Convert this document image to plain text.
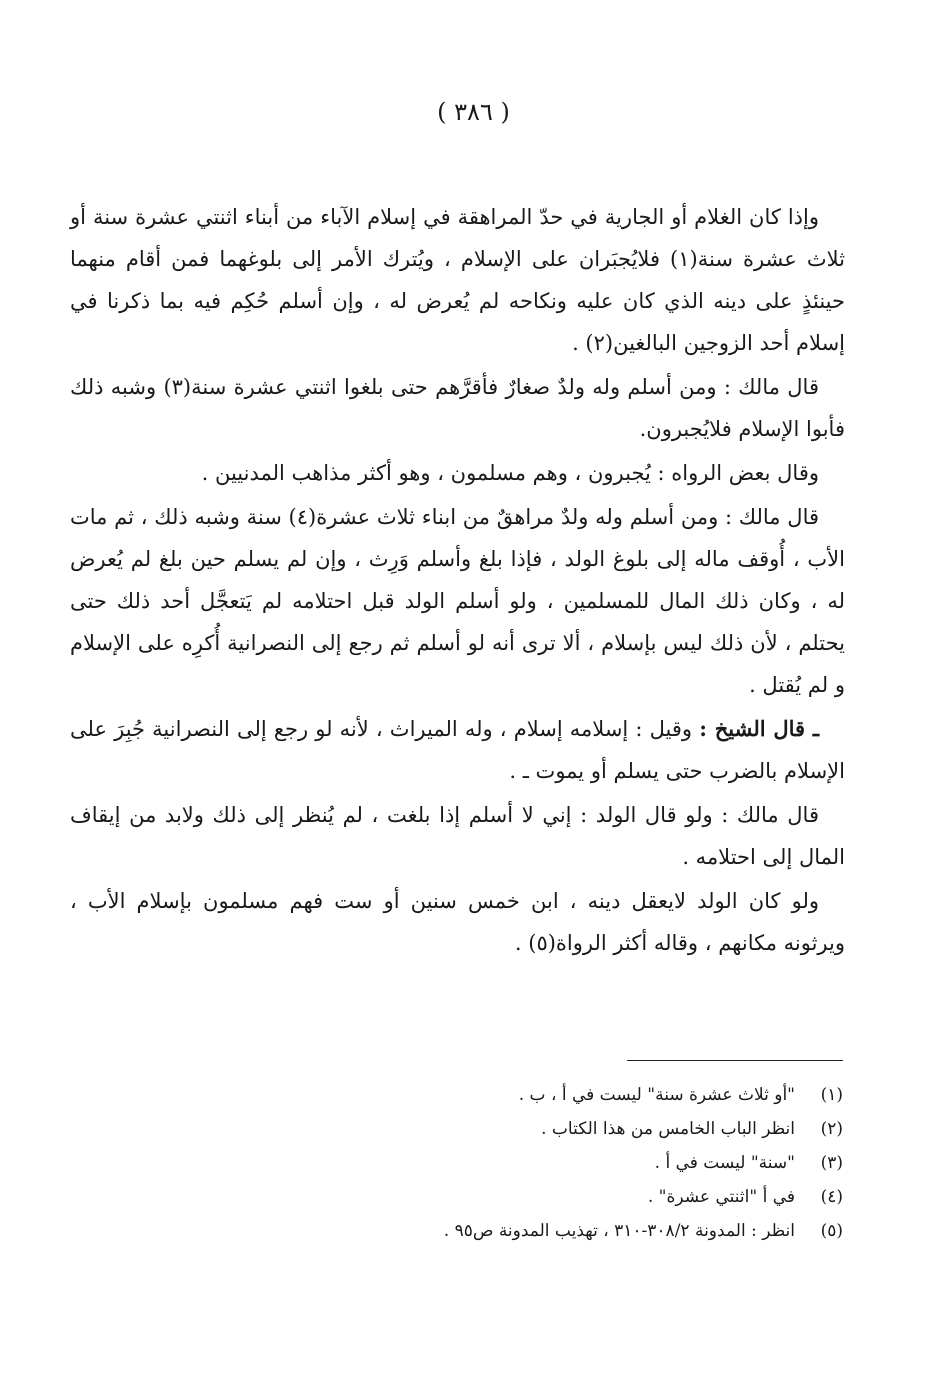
( ٣٨٦ )

وإذا كان الغلام أو الجارية في حدّ المراهقة في إسلام الآباء من أبناء اثنتي عشرة سنة أو ثلاث عشرة سنة(١) فلايُجبَران على الإسلام ، ويُترك الأمر إلى بلوغهما فمن أقام منهما حينئذٍ على دينه الذي كان عليه ونكاحه لم يُعرض له ، وإن أسلم حُكِم فيه بما ذكرنا في إسلام أحد الزوجين البالغين(٢) .

قال مالك : ومن أسلم وله ولدٌ صغارٌ فأقرَّهم حتى بلغوا اثنتي عشرة سنة(٣) وشبه ذلك فأبوا الإسلام فلايُجبرون.

وقال بعض الرواه : يُجبرون ، وهم مسلمون ، وهو أكثر مذاهب المدنيين .

قال مالك : ومن أسلم وله ولدٌ مراهقٌ من ابناء ثلاث عشرة(٤) سنة وشبه ذلك ، ثم مات الأب ، أُوقف ماله إلى بلوغ الولد ، فإذا بلغ وأسلم وَرِث ، وإن لم يسلم حين بلغ لم يُعرض له ، وكان ذلك المال للمسلمين ، ولو أسلم الولد قبل احتلامه لم يَتعجَّل أحد ذلك حتى يحتلم ، لأن ذلك ليس بإسلام ، ألا ترى أنه لو أسلم ثم رجع إلى النصرانية أُكرِه على الإسلام و لم يُقتل .

ـ قال الشيخ : وقيل : إسلامه إسلام ، وله الميراث ، لأنه لو رجع إلى النصرانية جُبِرَ على الإسلام بالضرب حتى يسلم أو يموت ـ .

قال مالك : ولو قال الولد : إني لا أسلم إذا بلغت ، لم يُنظر إلى ذلك ولابد من إيقاف المال إلى احتلامه .

ولو كان الولد لايعقل دينه ، ابن خمس سنين أو ست فهم مسلمون بإسلام الأب ، ويرثونه مكانهم ، وقاله أكثر الرواة(٥) .

(١)
"أو ثلاث عشرة سنة" ليست في أ ، ب .
(٢)
انظر الباب الخامس من هذا الكتاب .
(٣)
"سنة" ليست في أ .
(٤)
في أ "اثنتي عشرة" .
(٥)
انظر : المدونة ٣٠٨/٢-٣١٠ ، تهذيب المدونة ص٩٥ .
